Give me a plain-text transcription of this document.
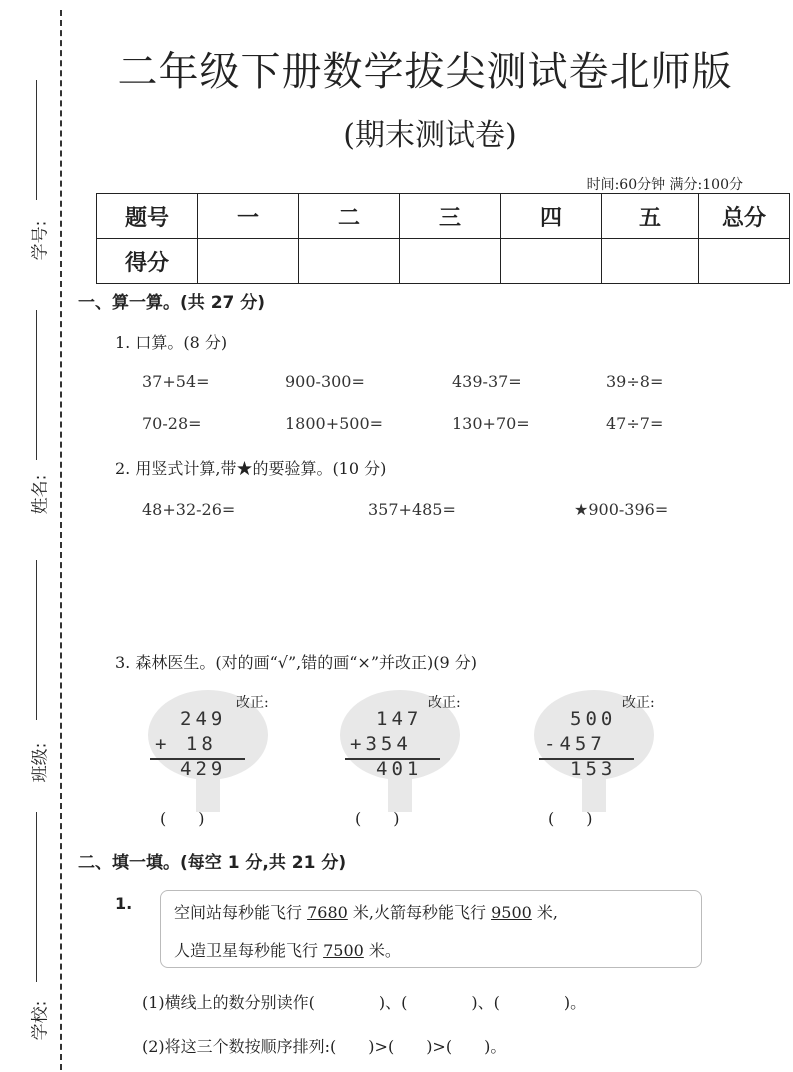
学号:
姓名:
班级:
学校:
二年级下册数学拔尖测试卷北师版
(期末测试卷)
时间:60分钟 满分:100分
题号	一	二	三	四	五	总分
得分						
一、算一算。(共 27 分)
1. 口算。(8 分)
37+54=	900-300=	439-37=	39÷8=
70-28=	1800+500=	130+70=	47÷7=
2. 用竖式计算,带★的要验算。(10 分)
48+32-26=	357+485=	★900-396=
3. 森林医生。(对的画“√”,错的画“×”并改正)(9 分)
改正:
249
+ 18
429
(　　)
改正:
147
+354
401
(　　)
改正:
500
-457
153
(　　)
二、填一填。(每空 1 分,共 21 分)
1.	空间站每秒能飞行 7680 米,火箭每秒能飞行 9500 米,
人造卫星每秒能飞行 7500 米。
(1)横线上的数分别读作(　　　　)、(　　　　)、(　　　　)。
(2)将这三个数按顺序排列:(　　)>(　　)>(　　)。
